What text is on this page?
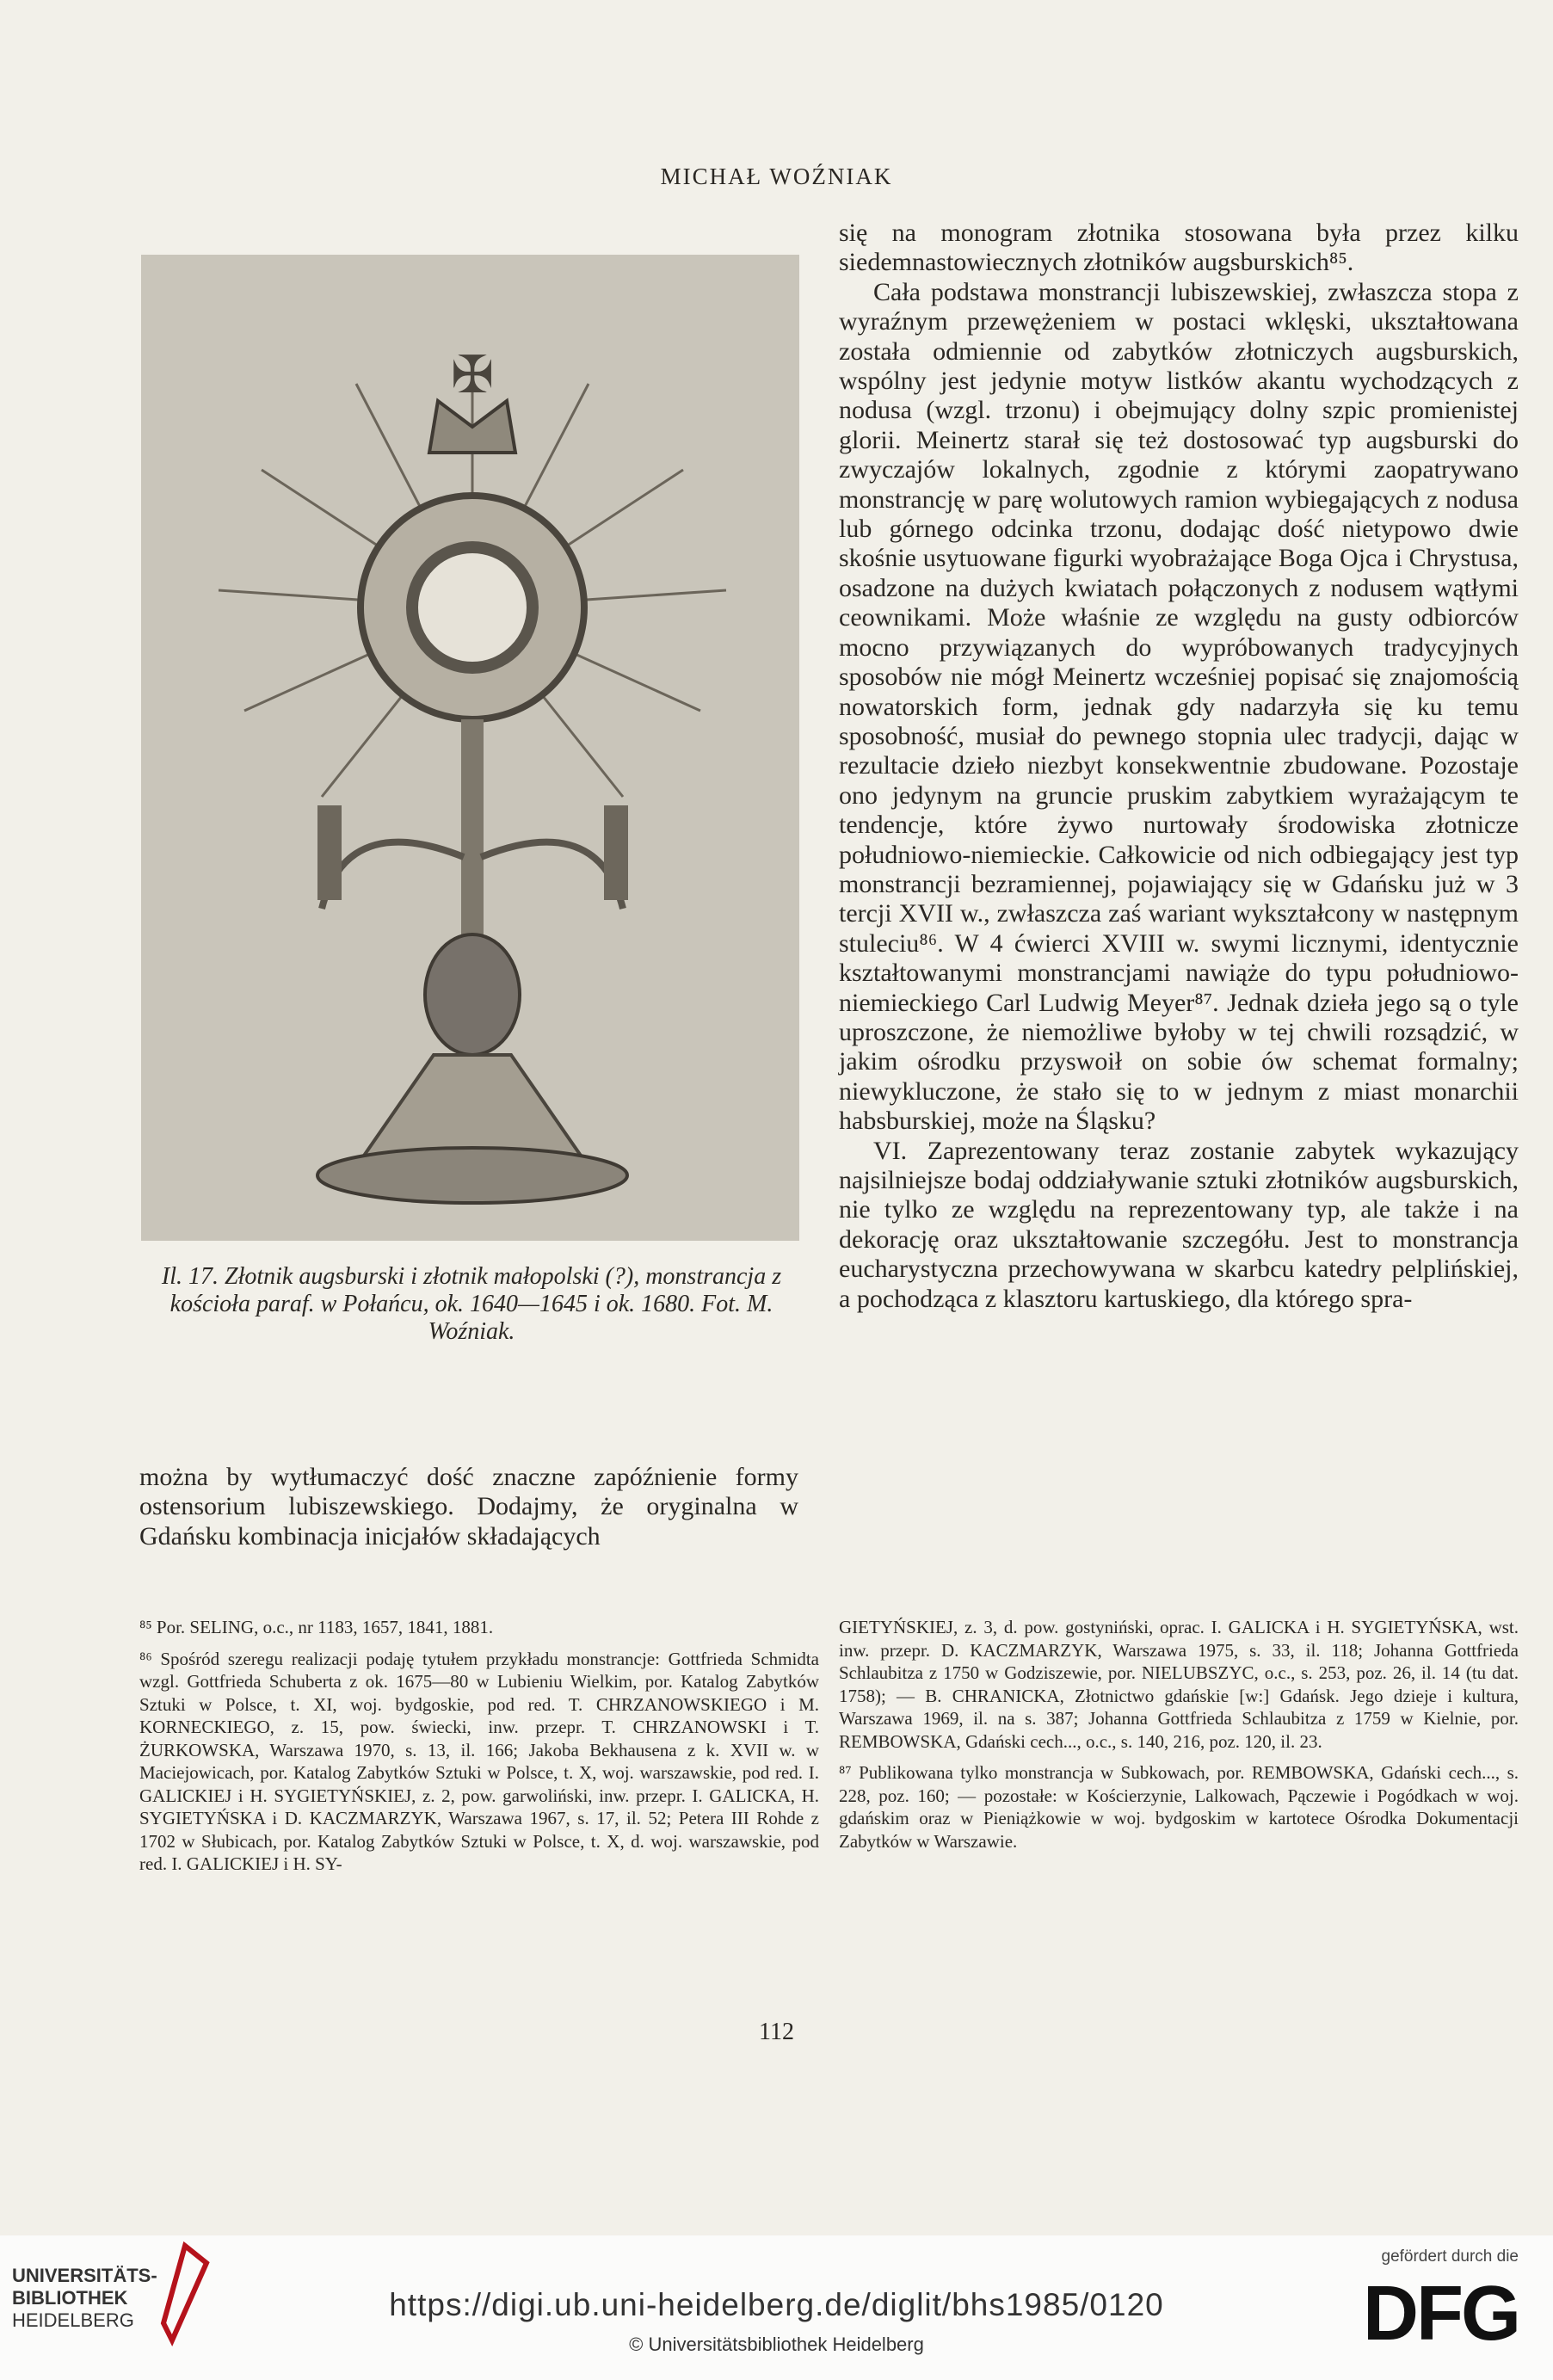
MICHAŁ WOŹNIAK
✠
Il. 17. Złotnik augsburski i złotnik małopolski (?), monstrancja z kościoła paraf. w Połańcu, ok. 1640—1645 i ok. 1680. Fot. M. Woźniak.

się na monogram złotnika stosowana była przez kilku siedemnastowiecznych złotników augsburskich⁸⁵.

Cała podstawa monstrancji lubiszewskiej, zwłaszcza stopa z wyraźnym przewężeniem w postaci wklęski, ukształtowana została odmiennie od zabytków złotniczych augsburskich, wspólny jest jedynie motyw listków akantu wychodzących z nodusa (wzgl. trzonu) i obejmujący dolny szpic promienistej glorii. Meinertz starał się też dostosować typ augsburski do zwyczajów lokalnych, zgodnie z którymi zaopatrywano monstrancję w parę wolutowych ramion wybiegających z nodusa lub górnego odcinka trzonu, dodając dość nietypowo dwie skośnie usytuowane figurki wyobrażające Boga Ojca i Chrystusa, osadzone na dużych kwiatach połączonych z nodusem wątłymi ceownikami. Może właśnie ze względu na gusty odbiorców mocno przywiązanych do wypróbowanych tradycyjnych sposobów nie mógł Meinertz wcześniej popisać się znajomością nowatorskich form, jednak gdy nadarzyła się ku temu sposobność, musiał do pewnego stopnia ulec tradycji, dając w rezultacie dzieło niezbyt konsekwentnie zbudowane. Pozostaje ono jedynym na gruncie pruskim zabytkiem wyrażającym te tendencje, które żywo nurtowały środowiska złotnicze południowo-niemieckie. Całkowicie od nich odbiegający jest typ monstrancji bezramiennej, pojawiający się w Gdańsku już w 3 tercji XVII w., zwłaszcza zaś wariant wykształcony w następnym stuleciu⁸⁶. W 4 ćwierci XVIII w. swymi licznymi, identycznie kształtowanymi monstrancjami nawiąże do typu południowo-niemieckiego Carl Ludwig Meyer⁸⁷. Jednak dzieła jego są o tyle uproszczone, że niemożliwe byłoby w tej chwili rozsądzić, w jakim ośrodku przyswoił on sobie ów schemat formalny; niewykluczone, że stało się to w jednym z miast monarchii habsburskiej, może na Śląsku?

VI. Zaprezentowany teraz zostanie zabytek wykazujący najsilniejsze bodaj oddziaływanie sztuki złotników augsburskich, nie tylko ze względu na reprezentowany typ, ale także i na dekorację oraz ukształtowanie szczegółu. Jest to monstrancja eucharystyczna przechowywana w skarbcu katedry pelplińskiej, a pochodząca z klasztoru kartuskiego, dla którego spra-

można by wytłumaczyć dość znaczne zapóźnienie formy ostensorium lubiszewskiego. Dodajmy, że oryginalna w Gdańsku kombinacja inicjałów składających

⁸⁵ Por. SELING, o.c., nr 1183, 1657, 1841, 1881.

⁸⁶ Spośród szeregu realizacji podaję tytułem przykładu monstrancje: Gottfrieda Schmidta wzgl. Gottfrieda Schuberta z ok. 1675—80 w Lubieniu Wielkim, por. Katalog Zabytków Sztuki w Polsce, t. XI, woj. bydgoskie, pod red. T. CHRZANOWSKIEGO i M. KORNECKIEGO, z. 15, pow. świecki, inw. przepr. T. CHRZANOWSKI i T. ŻURKOWSKA, Warszawa 1970, s. 13, il. 166; Jakoba Bekhausena z k. XVII w. w Maciejowicach, por. Katalog Zabytków Sztuki w Polsce, t. X, woj. warszawskie, pod red. I. GALICKIEJ i H. SYGIETYŃSKIEJ, z. 2, pow. garwoliński, inw. przepr. I. GALICKA, H. SYGIETYŃSKA i D. KACZMARZYK, Warszawa 1967, s. 17, il. 52; Petera III Rohde z 1702 w Słubicach, por. Katalog Zabytków Sztuki w Polsce, t. X, d. woj. warszawskie, pod red. I. GALICKIEJ i H. SY-

GIETYŃSKIEJ, z. 3, d. pow. gostyniński, oprac. I. GALICKA i H. SYGIETYŃSKA, wst. inw. przepr. D. KACZMARZYK, Warszawa 1975, s. 33, il. 118; Johanna Gottfrieda Schlaubitza z 1750 w Godziszewie, por. NIELUBSZYC, o.c., s. 253, poz. 26, il. 14 (tu dat. 1758); — B. CHRANICKA, Złotnictwo gdańskie [w:] Gdańsk. Jego dzieje i kultura, Warszawa 1969, il. na s. 387; Johanna Gottfrieda Schlaubitza z 1759 w Kielnie, por. REMBOWSKA, Gdański cech..., o.c., s. 140, 216, poz. 120, il. 23.

⁸⁷ Publikowana tylko monstrancja w Subkowach, por. REMBOWSKA, Gdański cech..., s. 228, poz. 160; — pozostałe: w Kościerzynie, Lalkowach, Pączewie i Pogódkach w woj. gdańskim oraz w Pieniążkowie w woj. bydgoskim w kartotece Ośrodka Dokumentacji Zabytków w Warszawie.

112
UNIVERSITÄTS-
BIBLIOTHEK
HEIDELBERG	https://digi.ub.uni-heidelberg.de/diglit/bhs1985/0120
© Universitätsbibliothek Heidelberg
gefördert durch die
DFG
